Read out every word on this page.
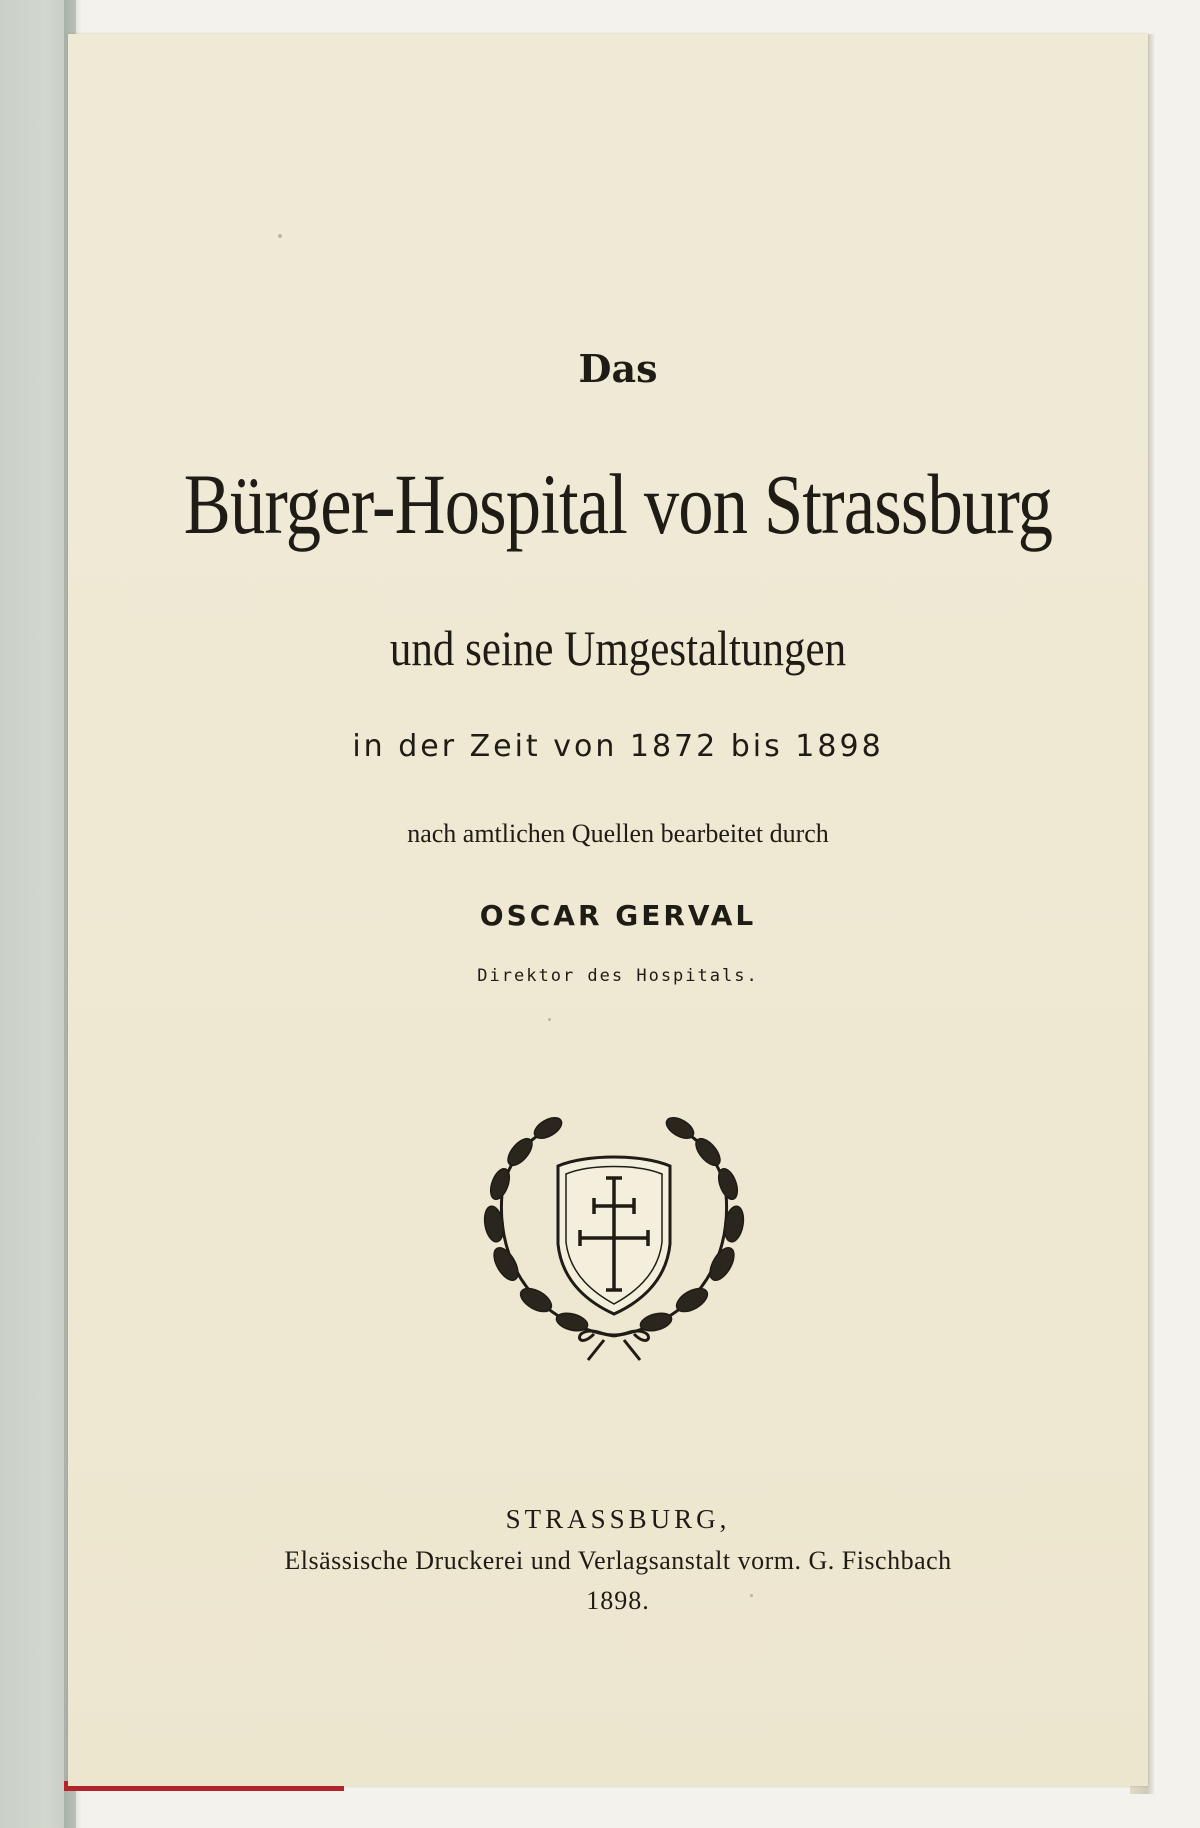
Das
Bürger-Hospital von Strassburg
und seine Umgestaltungen
in der Zeit von 1872 bis 1898
nach amtlichen Quellen bearbeitet durch
OSCAR GERVAL
Direktor des Hospitals.
STRASSBURG,
Elsässische Druckerei und Verlagsanstalt vorm. G. Fischbach
1898.
